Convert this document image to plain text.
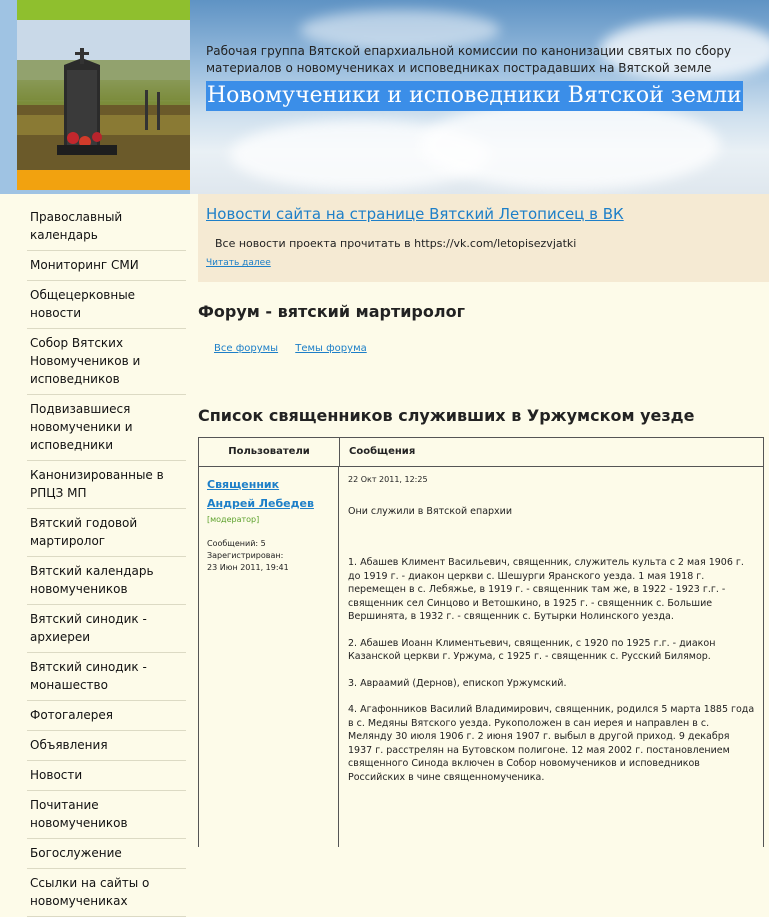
Рабочая группа Вятской епархиальной комиссии по канонизации святых по сбору материалов о новомучениках и исповедниках пострадавших на Вятской земле
Новомученики и исповедники Вятской земли
Православный календарь
Мониторинг СМИ
Общецерковные новости
Собор Вятских Новомучеников и исповедников
Подвизавшиеся новомученики и исповедники
Канонизированные в РПЦЗ МП
Вятский годовой мартиролог
Вятский календарь новомучеников
Вятский синодик - архиереи
Вятский синодик - монашество
Фотогалерея
Объявления
Новости
Почитание новомучеников
Богослужение
Ссылки на сайты о новомучениках
Новости сайта на странице Вятский Летописец в ВК
Все новости проекта прочитать в https://vk.com/letopisezvjatki
Читать далее
Форум - вятский мартиролог
Все форумы Темы форума
Список священников служивших в Уржумском уезде
Пользователи	Сообщения
Священник Андрей Лебедев
[модератор]
Сообщений: 5
Зарегистрирован:
23 Июн 2011, 19:41
22 Окт 2011, 12:25

Они служили в Вятской епархии

1. Абашев Климент Васильевич, священник, служитель культа с 2 мая 1906 г. до 1919 г. - диакон церкви с. Шешурги Яранского уезда. 1 мая 1918 г. перемещен в с. Лебяжье, в 1919 г. - священник там же, в 1922 - 1923 г.г. - священник сел Синцово и Ветошкино, в 1925 г. - священник с. Большие Вершинята, в 1932 г. - священник с. Бутырки Нолинского уезда.

2. Абашев Иоанн Климентьевич, священник, с 1920 по 1925 г.г. - диакон Казанской церкви г. Уржума, с 1925 г. - священник с. Русский Билямор.

3. Авраамий (Дернов), епископ Уржумский.

4. Агафонников Василий Владимирович, священник, родился 5 марта 1885 года в с. Медяны Вятского уезда. Рукоположен в сан иерея и направлен в с. Мелянду 30 июля 1906 г. 2 июня 1907 г. выбыл в другой приход. 9 декабря 1937 г. расстрелян на Бутовском полигоне. 12 мая 2002 г. постановлением священного Синода включен в Собор новомучеников и исповедников Российских в чине священномученика.
